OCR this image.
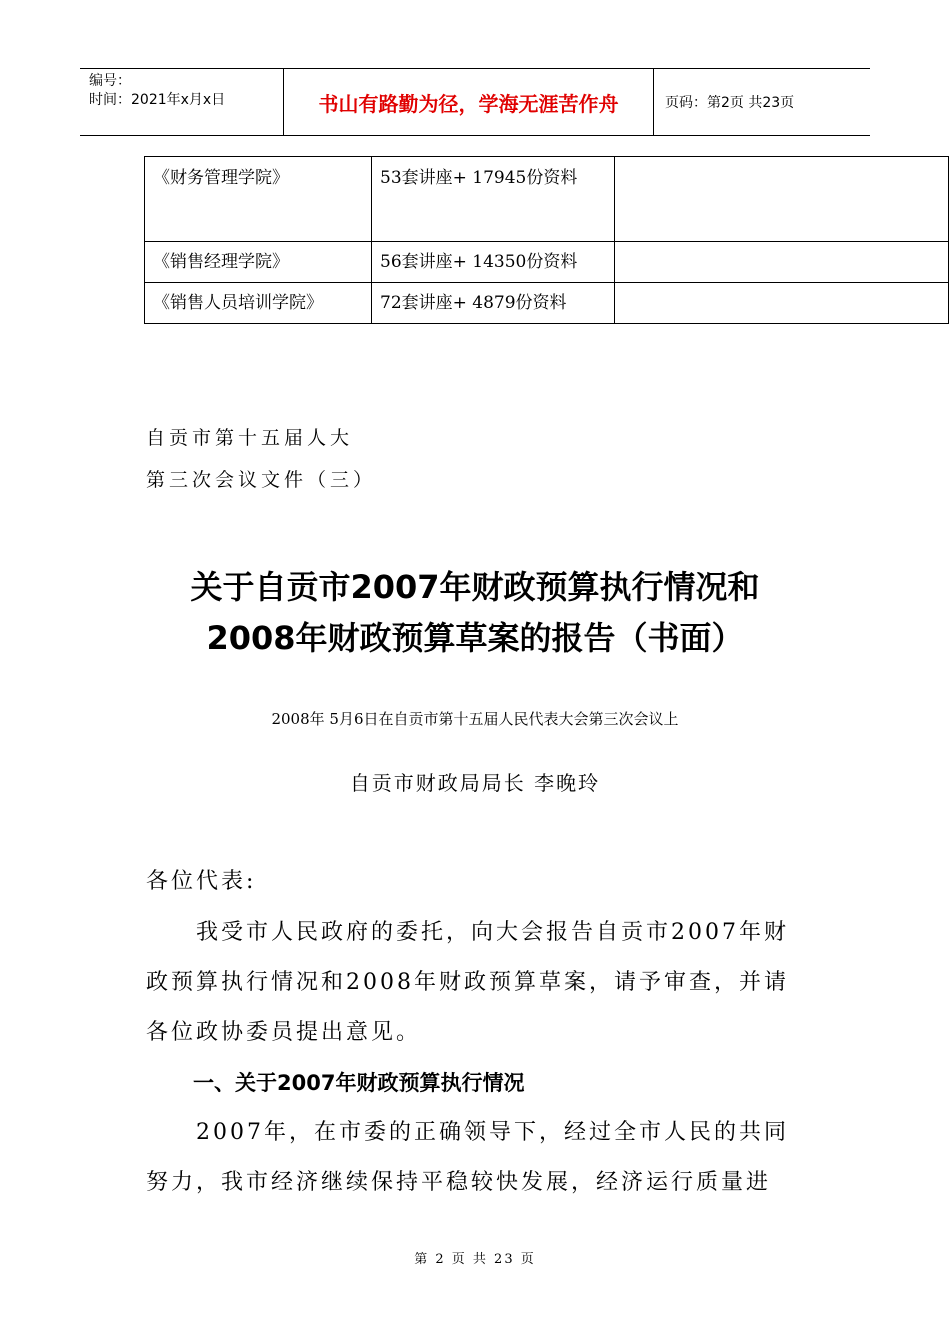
编号：
时间：2021年x月x日	书山有路勤为径，学海无涯苦作舟	页码：第2页 共23页
《财务管理学院》	53套讲座+ 17945份资料	
《销售经理学院》	56套讲座+ 14350份资料	
《销售人员培训学院》	72套讲座+ 4879份资料	
自贡市第十五届人大
第三次会议文件（三）
关于自贡市2007年财政预算执行情况和
2008年财政预算草案的报告（书面）
2008年 5月6日在自贡市第十五届人民代表大会第三次会议上
自贡市财政局局长 李晚玲
各位代表:
　　我受市人民政府的委托，向大会报告自贡市2007年财
政预算执行情况和2008年财政预算草案，请予审查，并请
各位政协委员提出意见。
一、关于2007年财政预算执行情况
　　2007年，在市委的正确领导下，经过全市人民的共同
努力，我市经济继续保持平稳较快发展，经济运行质量进
第 2 页 共 23 页
